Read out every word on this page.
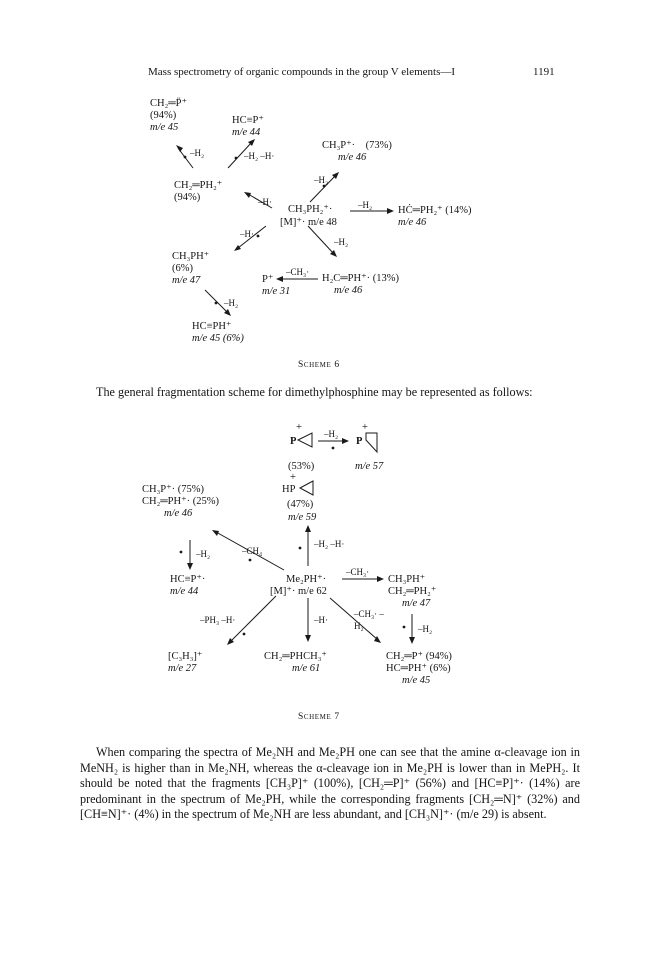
Mass spectrometry of organic compounds in the group V elements—I	1191
CH₂═P̈⁺
(94%)
m/e 45
HC≡P⁺
m/e 44
CH₃P⁺· (73%)
m/e 46
CH₂═PH₂⁺
(94%)
CH₃PH₂⁺·
[M]⁺· m/e 48
HĊ═PH₂⁺ (14%)
m/e 46
CH₃PH⁺
(6%)
m/e 47	P⁺
m/e 31
H₂C═PH⁺· (13%)
m/e 46
HC≡PH⁺
m/e 45 (6%)
–H₂	–H₂ –H·
–H·
–H₂
–H₂
–H·
–H₂
–CH₃·
–H₂
Scheme 6
The general fragmentation scheme for dimethylphosphine may be represented as follows:
+
P
(53%)
+
P
m/e 57
+
HP
(47%)
m/e 59
CH₃P⁺· (75%)
CH₂═PH⁺· (25%)
m/e 46
HC≡P⁺·
m/e 44
Me₂PH⁺·
[M]⁺· m/e 62
CH₃PH⁺
CH₂═PH₂⁺
m/e 47
[C₃H₃]⁺
m/e 27
CH₂═PHCH₃⁺
m/e 61
CH₂═P⁺ (94%)
HC═PH⁺ (6%)
m/e 45
–H₂
–CH₄
–H₂ –H·
–H₂
–CH₃·
–PH₃ –H·	–H·
–CH₃· –H₂	–H₂
Scheme 7
When comparing the spectra of Me₂NH and Me₂PH one can see that the amine α-cleavage ion in MeNH₂ is higher than in Me₂NH, whereas the α-cleavage ion in Me₂PH is lower than in MePH₂. It should be noted that the fragments [CH₃P]⁺ (100%), [CH₂═P]⁺ (56%) and [HC≡P]⁺· (14%) are predominant in the spectrum of Me₂PH, while the corresponding fragments [CH₂═N]⁺ (32%) and [CH≡N]⁺· (4%) in the spectrum of Me₂NH are less abundant, and [CH₃N]⁺· (m/e 29) is absent.
